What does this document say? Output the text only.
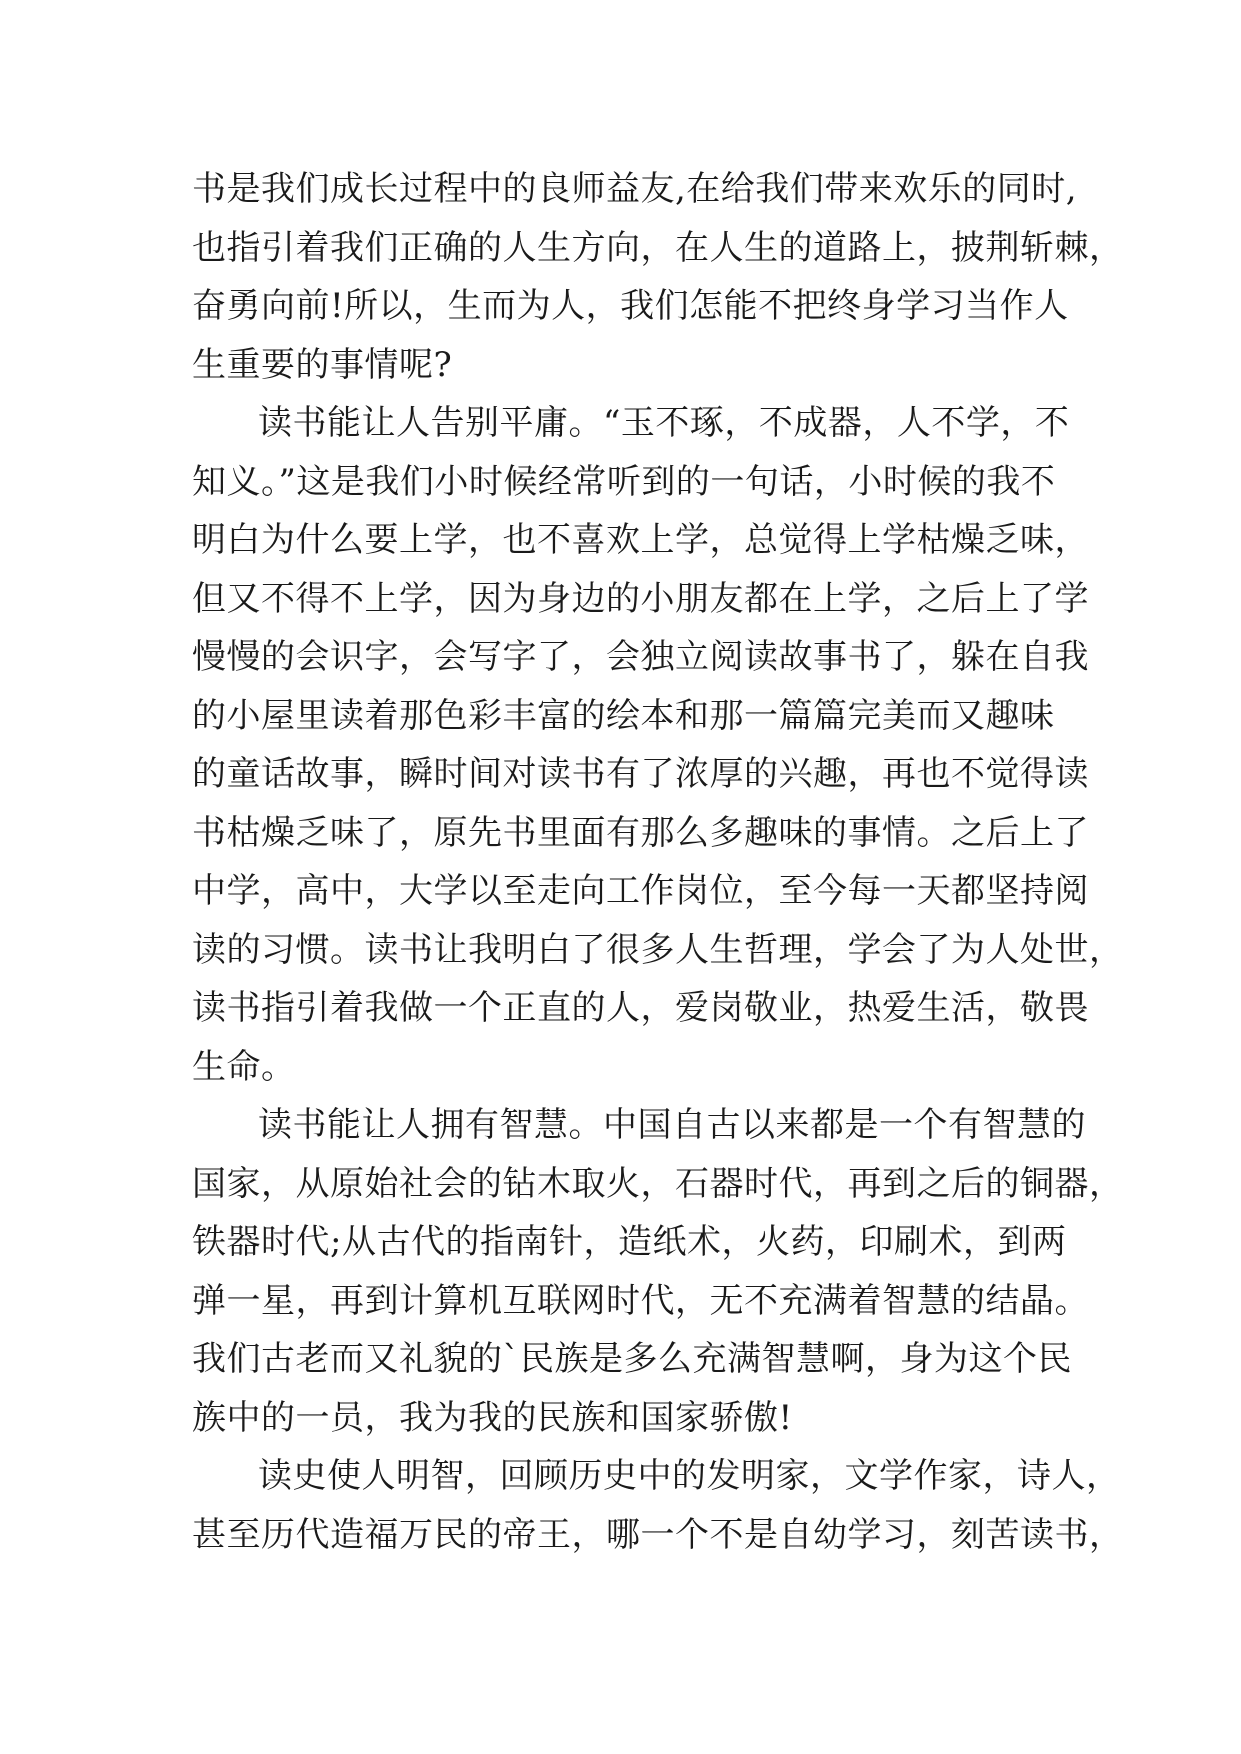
书是我们成长过程中的良师益友,在给我们带来欢乐的同时,
也指引着我们正确的人生方向，在人生的道路上，披荆斩棘，
奋勇向前!所以，生而为人，我们怎能不把终身学习当作人
生重要的事情呢?
读书能让人告别平庸。“玉不琢，不成器，人不学，不
知义。”这是我们小时候经常听到的一句话，小时候的我不
明白为什么要上学，也不喜欢上学，总觉得上学枯燥乏味，
但又不得不上学，因为身边的小朋友都在上学，之后上了学
慢慢的会识字，会写字了，会独立阅读故事书了，躲在自我
的小屋里读着那色彩丰富的绘本和那一篇篇完美而又趣味
的童话故事，瞬时间对读书有了浓厚的兴趣，再也不觉得读
书枯燥乏味了，原先书里面有那么多趣味的事情。之后上了
中学，高中，大学以至走向工作岗位，至今每一天都坚持阅
读的习惯。读书让我明白了很多人生哲理，学会了为人处世，
读书指引着我做一个正直的人，爱岗敬业，热爱生活，敬畏
生命。
读书能让人拥有智慧。中国自古以来都是一个有智慧的
国家，从原始社会的钻木取火，石器时代，再到之后的铜器，
铁器时代;从古代的指南针，造纸术，火药，印刷术，到两
弹一星，再到计算机互联网时代，无不充满着智慧的结晶。
我们古老而又礼貌的`民族是多么充满智慧啊，身为这个民
族中的一员，我为我的民族和国家骄傲!
读史使人明智，回顾历史中的发明家，文学作家，诗人，
甚至历代造福万民的帝王，哪一个不是自幼学习，刻苦读书，
